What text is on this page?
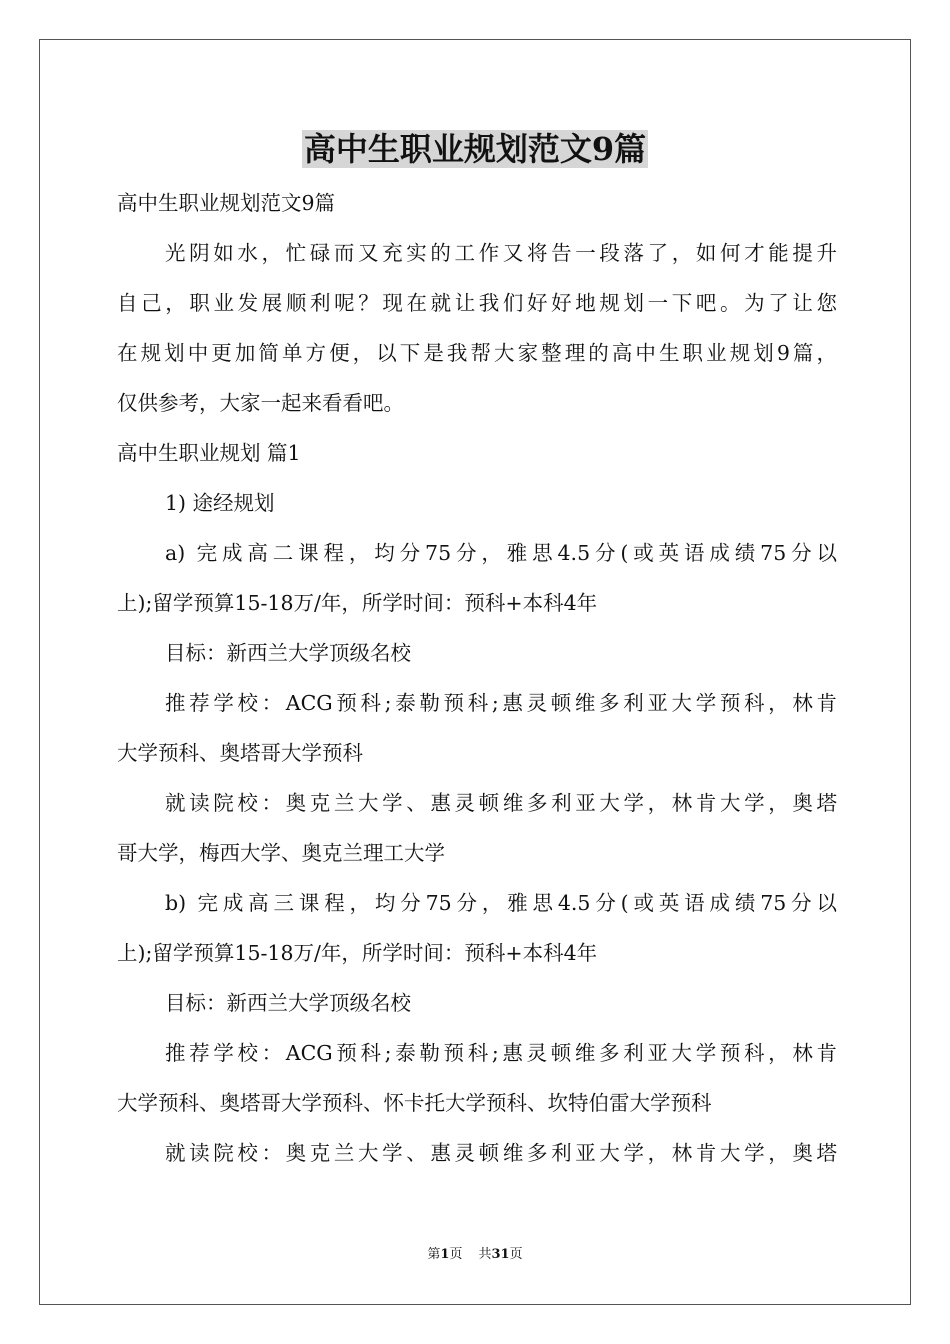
高中生职业规划范文9篇

高中生职业规划范文9篇

光阴如水，忙碌而又充实的工作又将告一段落了，如何才能提升

自己，职业发展顺利呢？现在就让我们好好地规划一下吧。为了让您

在规划中更加简单方便，以下是我帮大家整理的高中生职业规划9篇，

仅供参考，大家一起来看看吧。

高中生职业规划 篇1

1) 途经规划

a) 完成高二课程，均分75分，雅思4.5分(或英语成绩75分以

上);留学预算15-18万/年，所学时间：预科+本科4年

目标：新西兰大学顶级名校

推荐学校：ACG预科;泰勒预科;惠灵顿维多利亚大学预科，林肯

大学预科、奥塔哥大学预科

就读院校：奥克兰大学、惠灵顿维多利亚大学，林肯大学，奥塔

哥大学，梅西大学、奥克兰理工大学

b) 完成高三课程，均分75分，雅思4.5分(或英语成绩75分以

上);留学预算15-18万/年，所学时间：预科+本科4年

目标：新西兰大学顶级名校

推荐学校：ACG预科;泰勒预科;惠灵顿维多利亚大学预科，林肯

大学预科、奥塔哥大学预科、怀卡托大学预科、坎特伯雷大学预科

就读院校：奥克兰大学、惠灵顿维多利亚大学，林肯大学，奥塔

第1页 共31页
